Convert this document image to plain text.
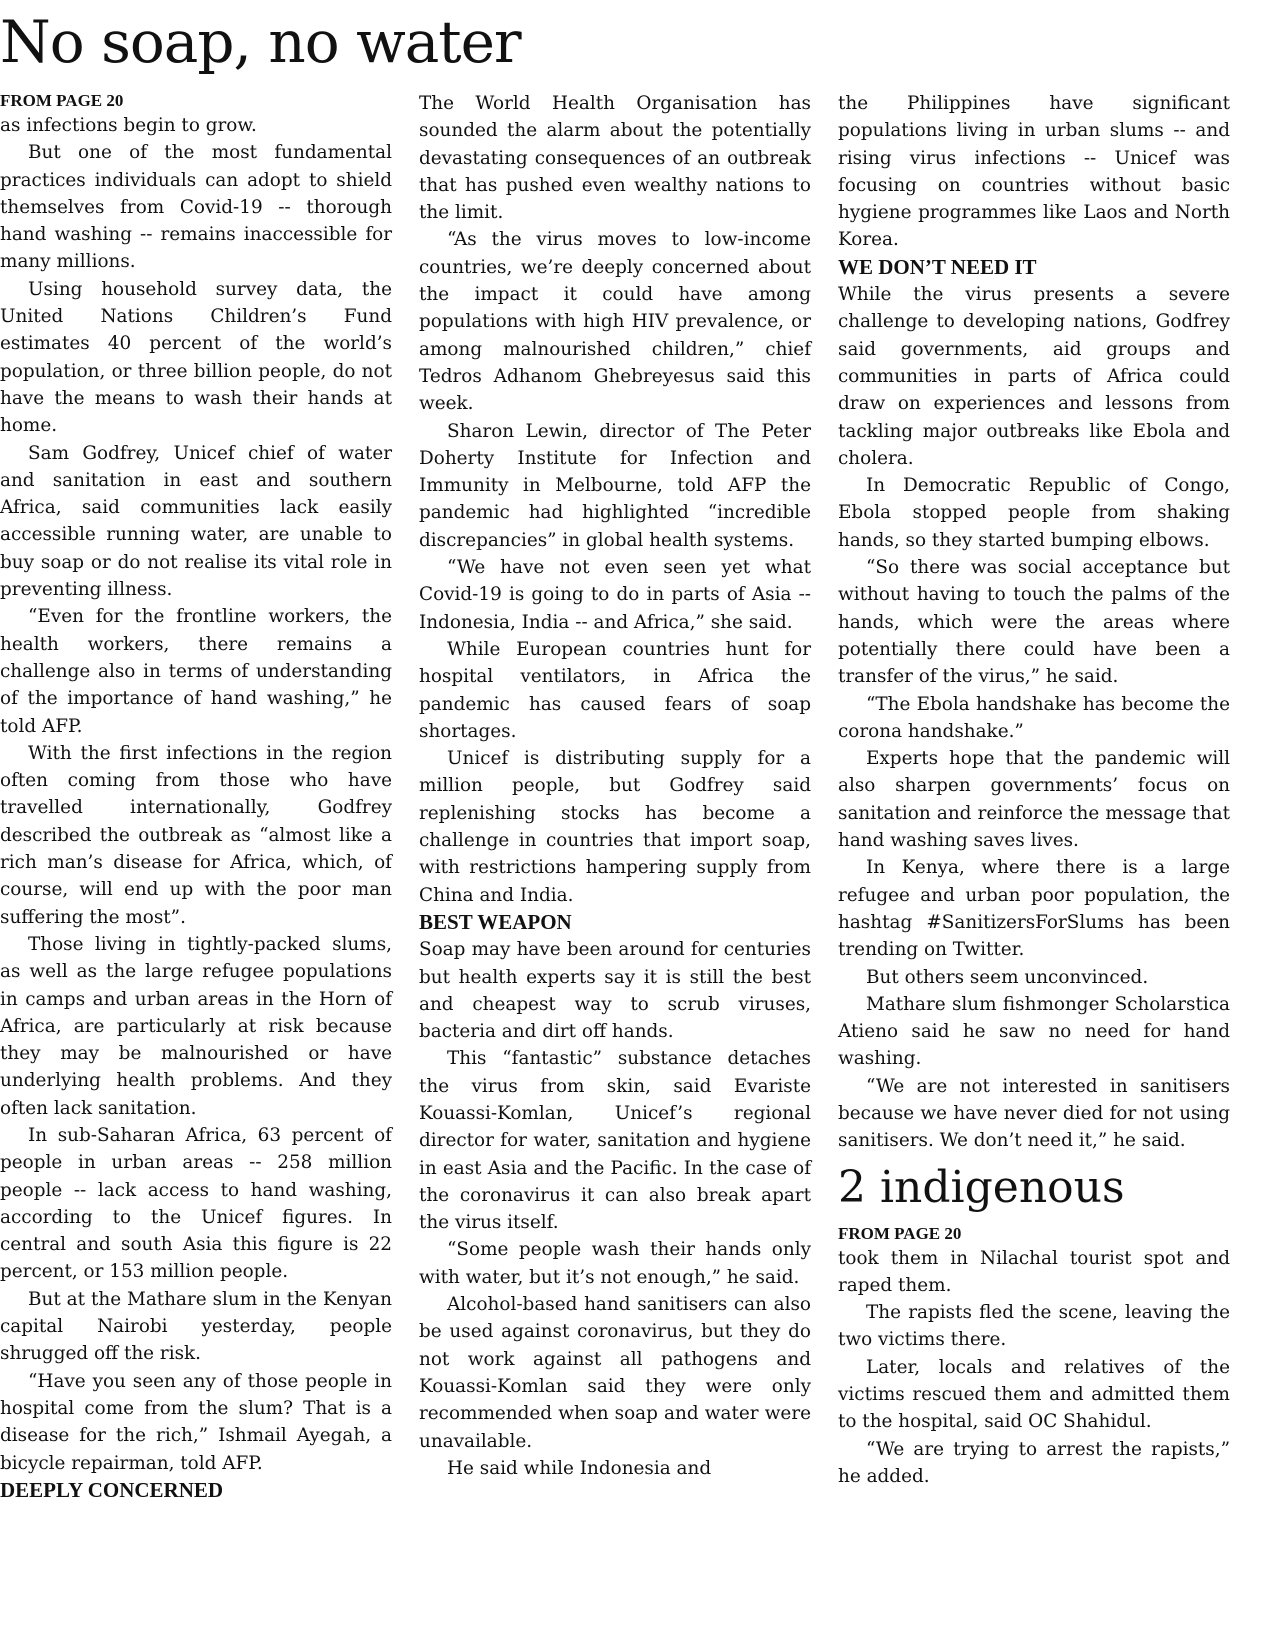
No soap, no water
FROM PAGE 20

as infections begin to grow.

But one of the most fundamental practices individuals can adopt to shield themselves from Covid-19 -- thorough hand washing -- remains inaccessible for many millions.

Using household survey data, the United Nations Children’s Fund estimates 40 percent of the world’s population, or three billion people, do not have the means to wash their hands at home.

Sam Godfrey, Unicef chief of water and sanitation in east and southern Africa, said communities lack easily accessible running water, are unable to buy soap or do not realise its vital role in preventing illness.

“Even for the frontline workers, the health workers, there remains a challenge also in terms of understanding of the importance of hand washing,” he told AFP.

With the first infections in the region often coming from those who have travelled internationally, Godfrey described the outbreak as “almost like a rich man’s disease for Africa, which, of course, will end up with the poor man suffering the most”.

Those living in tightly-packed slums, as well as the large refugee populations in camps and urban areas in the Horn of Africa, are particularly at risk because they may be malnourished or have underlying health problems. And they often lack sanitation.

In sub-Saharan Africa, 63 percent of people in urban areas -- 258 million people -- lack access to hand washing, according to the Unicef figures. In central and south Asia this figure is 22 percent, or 153 million people.

But at the Mathare slum in the Kenyan capital Nairobi yesterday, people shrugged off the risk.

“Have you seen any of those people in hospital come from the slum? That is a disease for the rich,” Ishmail Ayegah, a bicycle repairman, told AFP.

DEEPLY CONCERNED

The World Health Organisation has sounded the alarm about the potentially devastating consequences of an outbreak that has pushed even wealthy nations to the limit.

“As the virus moves to low-income countries, we’re deeply concerned about the impact it could have among populations with high HIV prevalence, or among malnourished children,” chief Tedros Adhanom Ghebreyesus said this week.

Sharon Lewin, director of The Peter Doherty Institute for Infection and Immunity in Melbourne, told AFP the pandemic had highlighted “incredible discrepancies” in global health systems.

“We have not even seen yet what Covid-19 is going to do in parts of Asia -- Indonesia, India -- and Africa,” she said.

While European countries hunt for hospital ventilators, in Africa the pandemic has caused fears of soap shortages.

Unicef is distributing supply for a million people, but Godfrey said replenishing stocks has become a challenge in countries that import soap, with restrictions hampering supply from China and India.

BEST WEAPON

Soap may have been around for centuries but health experts say it is still the best and cheapest way to scrub viruses, bacteria and dirt off hands.

This “fantastic” substance detaches the virus from skin, said Evariste Kouassi-Komlan, Unicef’s regional director for water, sanitation and hygiene in east Asia and the Pacific. In the case of the coronavirus it can also break apart the virus itself.

“Some people wash their hands only with water, but it’s not enough,” he said.

Alcohol-based hand sanitisers can also be used against coronavirus, but they do not work against all pathogens and Kouassi-Komlan said they were only recommended when soap and water were unavailable.

He said while Indonesia and

the Philippines have significant populations living in urban slums -- and rising virus infections -- Unicef was focusing on countries without basic hygiene programmes like Laos and North Korea.

WE DON’T NEED IT

While the virus presents a severe challenge to developing nations, Godfrey said governments, aid groups and communities in parts of Africa could draw on experiences and lessons from tackling major outbreaks like Ebola and cholera.

In Democratic Republic of Congo, Ebola stopped people from shaking hands, so they started bumping elbows.

“So there was social acceptance but without having to touch the palms of the hands, which were the areas where potentially there could have been a transfer of the virus,” he said.

“The Ebola handshake has become the corona handshake.”

Experts hope that the pandemic will also sharpen governments’ focus on sanitation and reinforce the message that hand washing saves lives.

In Kenya, where there is a large refugee and urban poor population, the hashtag #SanitizersForSlums has been trending on Twitter.

But others seem unconvinced.

Mathare slum fishmonger Scholarstica Atieno said he saw no need for hand washing.

“We are not interested in sanitisers because we have never died for not using sanitisers. We don’t need it,” he said.

2 indigenous
FROM PAGE 20

took them in Nilachal tourist spot and raped them.

The rapists fled the scene, leaving the two victims there.

Later, locals and relatives of the victims rescued them and admitted them to the hospital, said OC Shahidul.

“We are trying to arrest the rapists,” he added.
